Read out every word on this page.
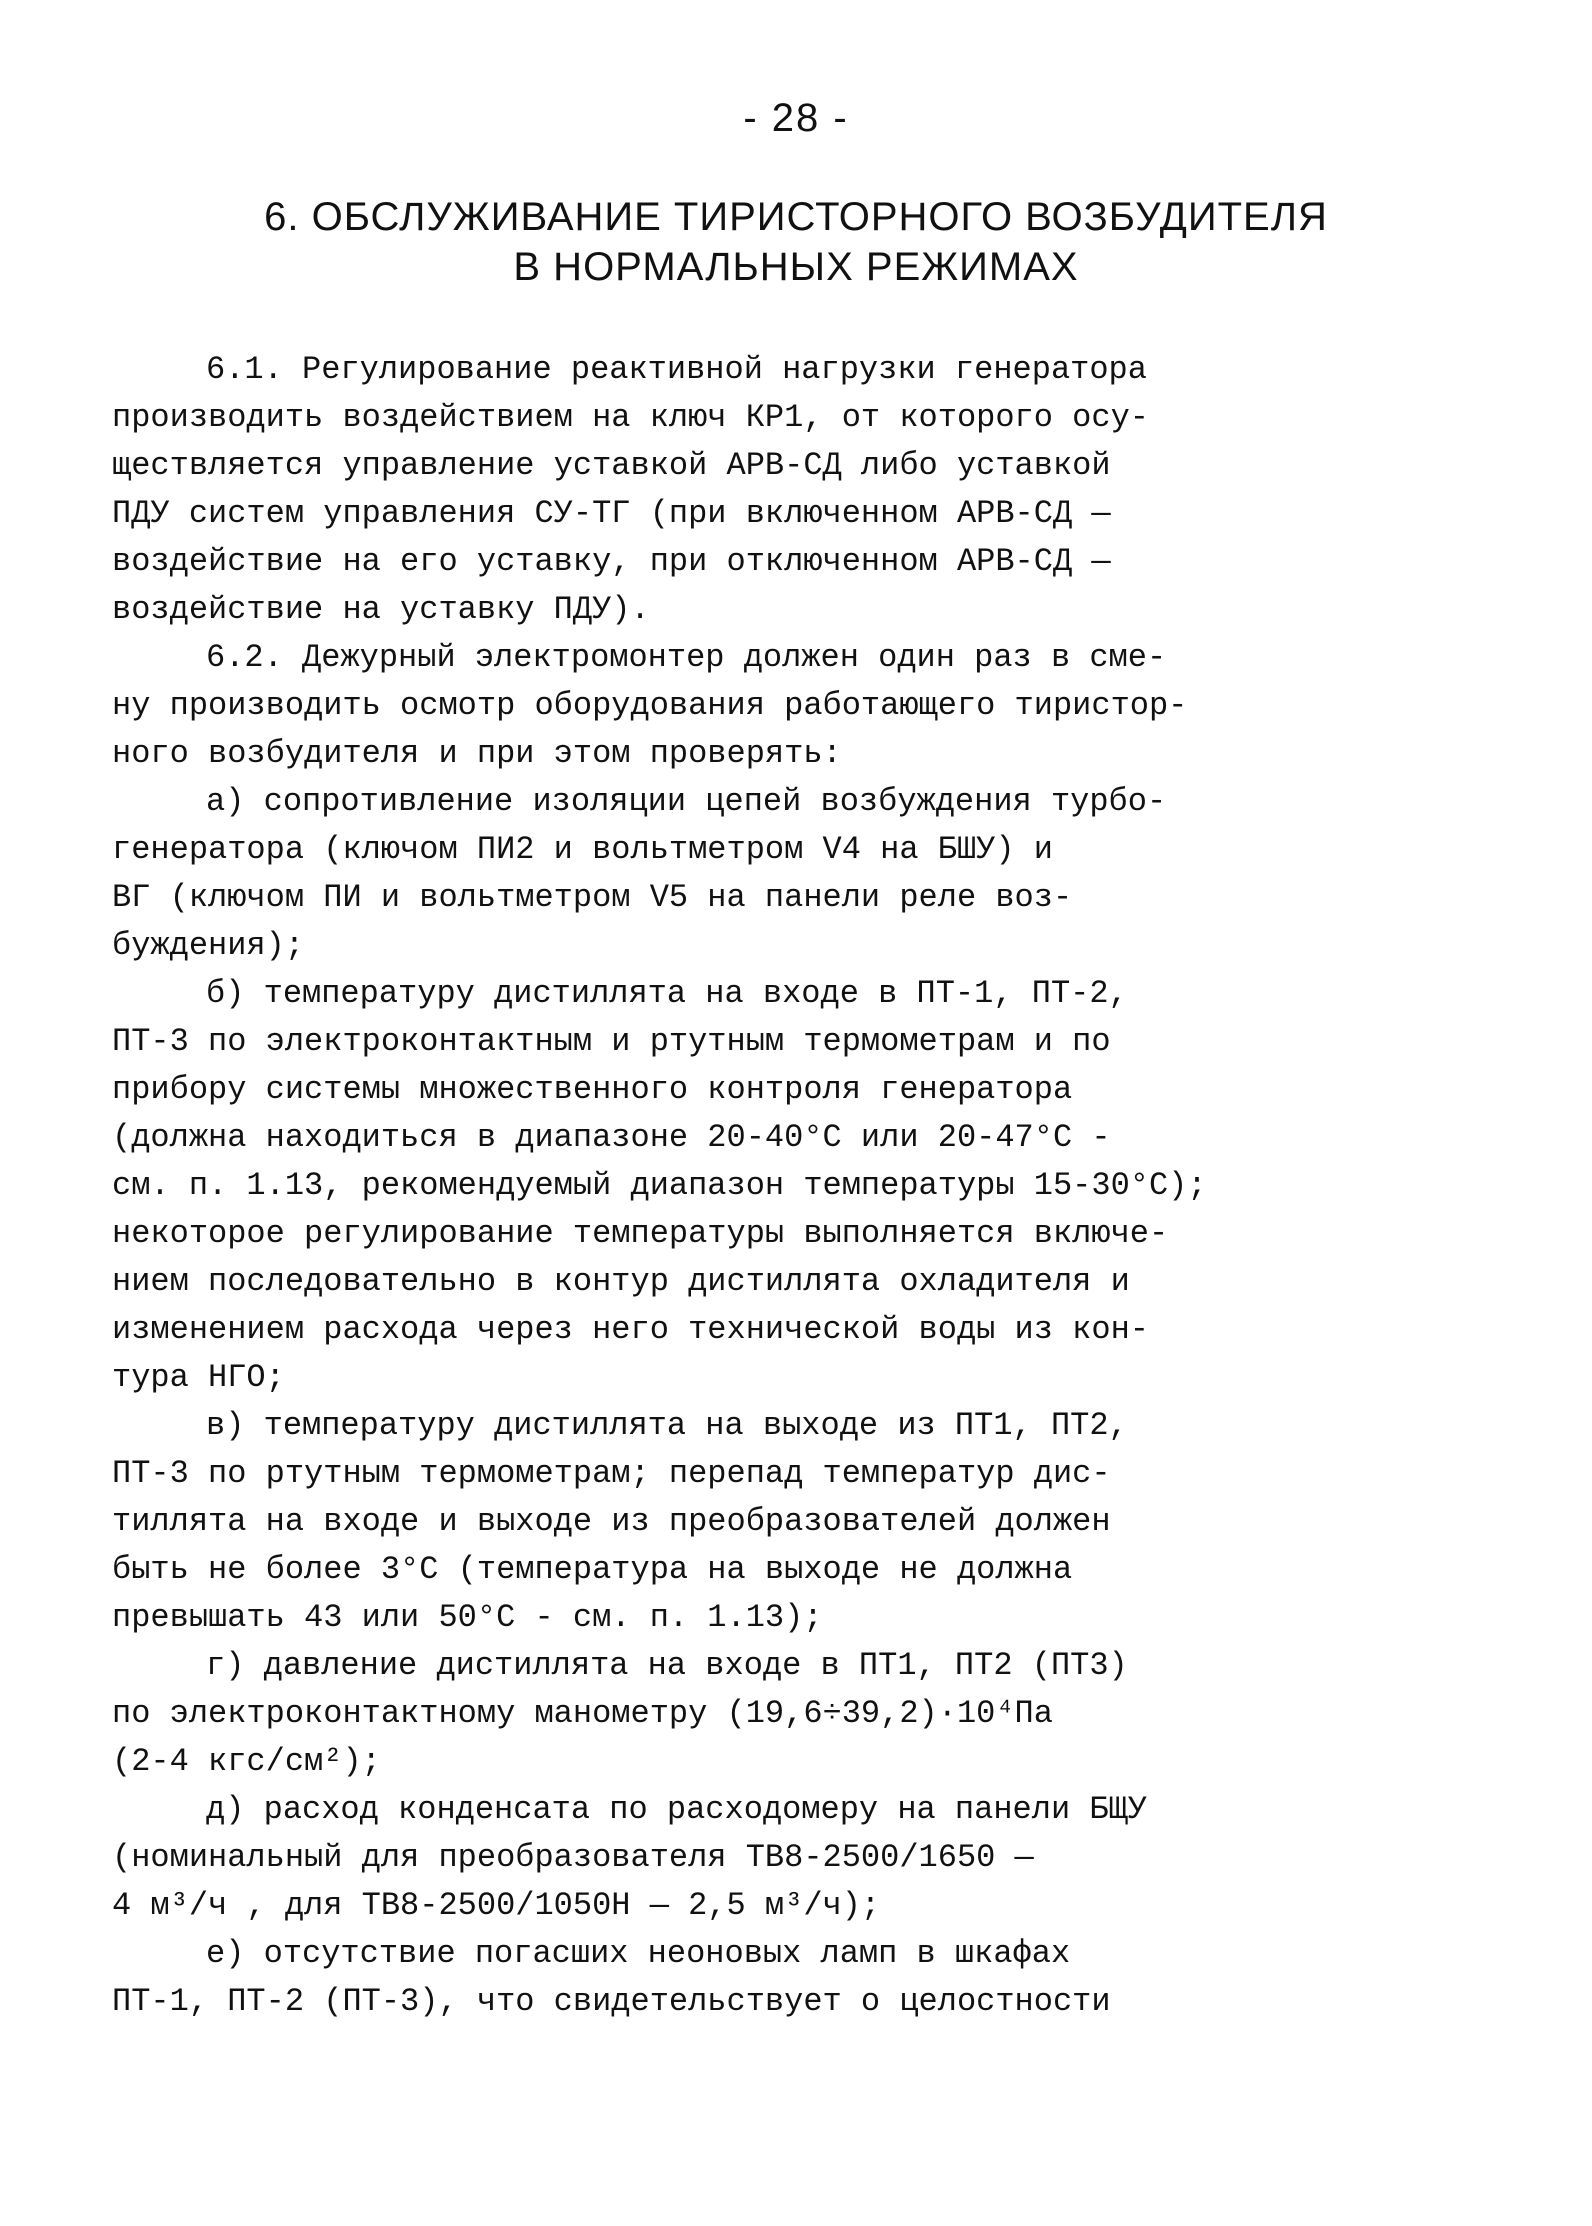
- 28 -
6. ОБСЛУЖИВАНИЕ ТИРИСТОРНОГО ВОЗБУДИТЕЛЯ
В НОРМАЛЬНЫХ РЕЖИМАХ
6.1. Регулирование реактивной нагрузки генератора
производить воздействием на ключ КР1, от которого осу-
ществляется управление уставкой АРВ-СД либо уставкой
ПДУ систем управления СУ-ТГ (при включенном АРВ-СД —
воздействие на его уставку, при отключенном АРВ-СД —
воздействие на уставку ПДУ).
6.2. Дежурный электромонтер должен один раз в сме-
ну производить осмотр оборудования работающего тиристор-
ного возбудителя и при этом проверять:
а) сопротивление изоляции цепей возбуждения турбо-
генератора (ключом ПИ2 и вольтметром V4 на БШУ) и
ВГ (ключом ПИ и вольтметром V5 на панели реле воз-
буждения);
б) температуру дистиллята на входе в ПТ-1, ПТ-2,
ПТ-3 по электроконтактным и ртутным термометрам и по
прибору системы множественного контроля генератора
(должна находиться в диапазоне 20-40°С или 20-47°С -
см. п. 1.13, рекомендуемый диапазон температуры 15-30°С);
некоторое регулирование температуры выполняется включе-
нием последовательно в контур дистиллята охладителя и
изменением расхода через него технической воды из кон-
тура НГО;
в) температуру дистиллята на выходе из ПТ1, ПТ2,
ПТ-3 по ртутным термометрам; перепад температур дис-
тиллята на входе и выходе из преобразователей должен
быть не более 3°С (температура на выходе не должна
превышать 43 или 50°С - см. п. 1.13);
г) давление дистиллята на входе в ПТ1, ПТ2 (ПТ3)
по электроконтактному манометру (19,6÷39,2)·10⁴Па
(2-4 кгс/см²);
д) расход конденсата по расходомеру на панели БЩУ
(номинальный для преобразователя ТВ8-2500/1650 —
4 м³/ч , для ТВ8-2500/1050Н — 2,5 м³/ч);
е) отсутствие погасших неоновых ламп в шкафах
ПТ-1, ПТ-2 (ПТ-3), что свидетельствует о целостности
